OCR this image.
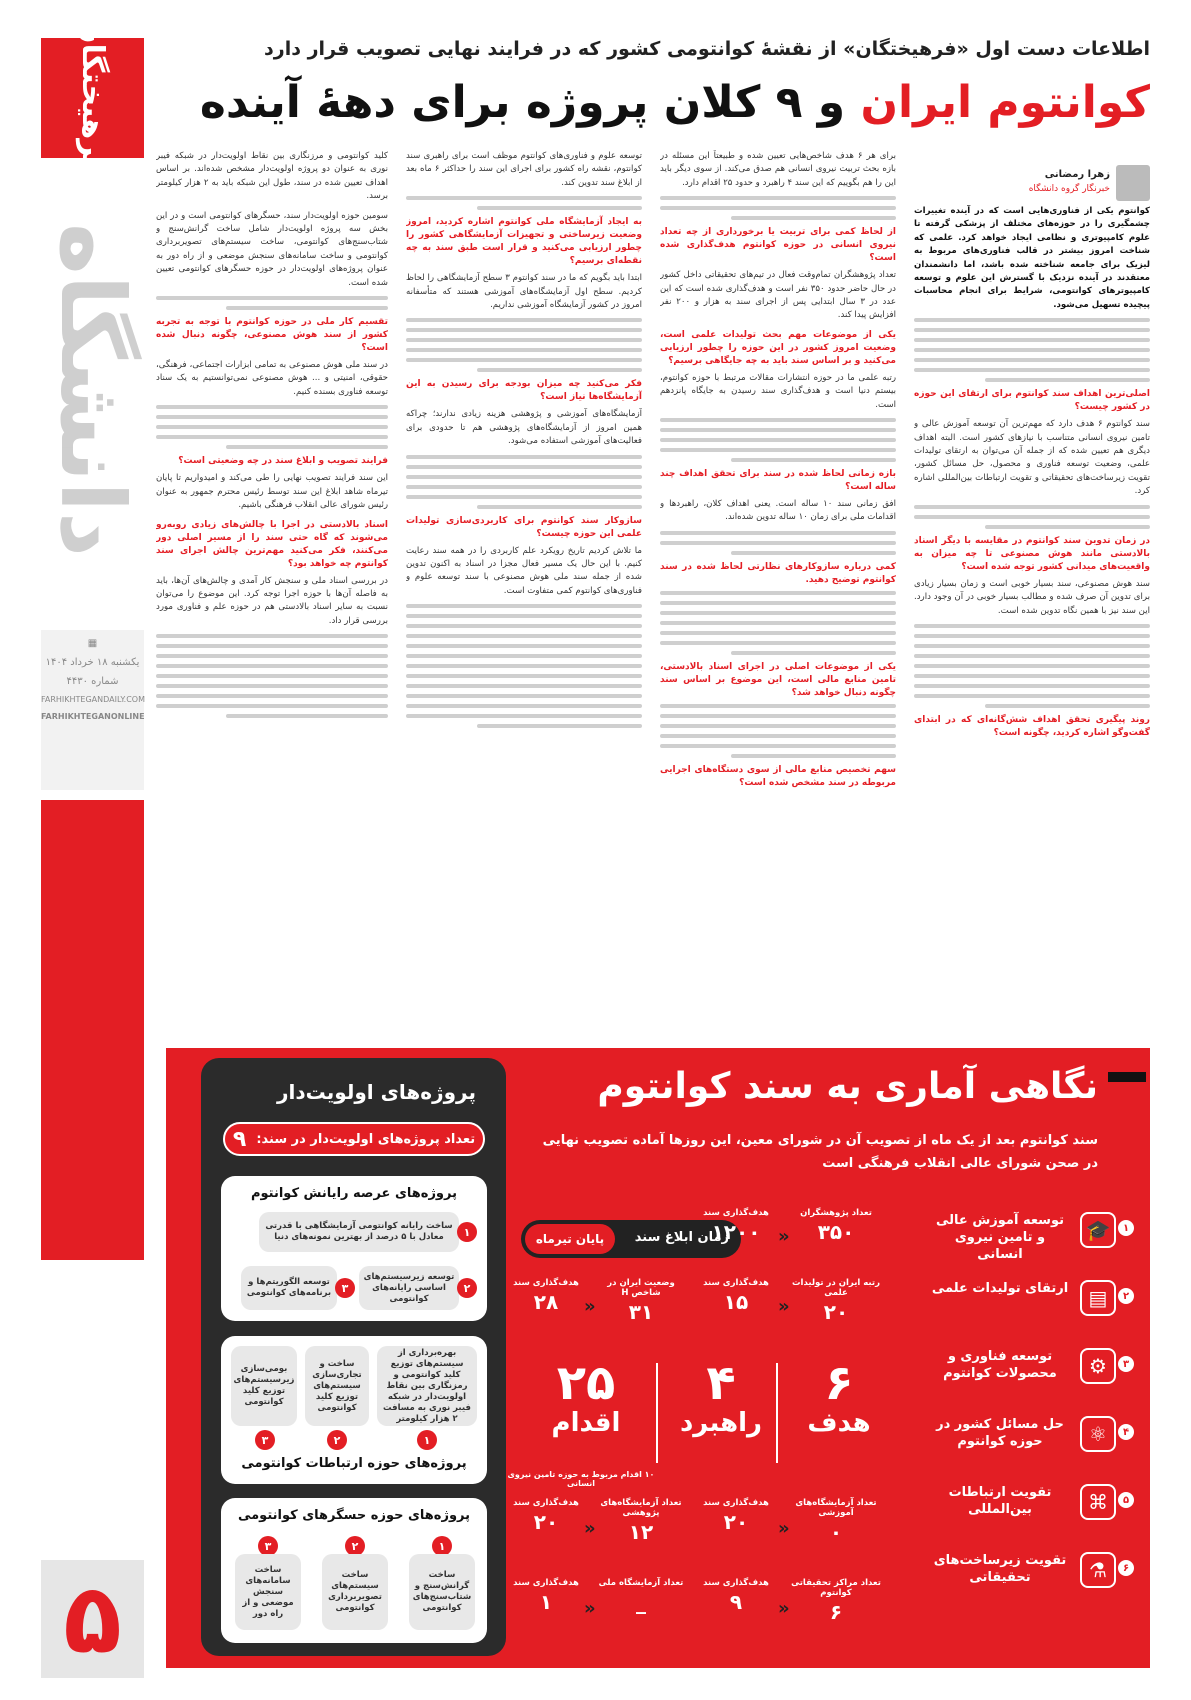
فرهیختگان
دانشگاه
▦
یکشنبه ۱۸ خرداد ۱۴۰۴
شماره ۴۴۳۰
FARHIKHTEGANDAILY.COM
FARHIKHTEGANONLINE
۵
اطلاعات دست اول «فرهیختگان» از نقشهٔ کوانتومی کشور که در فرایند نهایی تصویب قرار دارد
کوانتوم ایران و ۹ کلان پروژه برای دههٔ آینده
زهرا رمضانی
خبرنگار گروه دانشگاه

کوانتوم یکی از فناوری‌هایی است که در آینده تغییرات چشمگیری را در حوزه‌های مختلف از پزشکی گرفته تا علوم کامپیوتری و نظامی ایجاد خواهد کرد. علمی که شناخت امروز بیشتر در قالب فناوری‌های مربوط به لیزیک برای جامعه شناخته شده باشد، اما دانشمندان معتقدند در آینده نزدیک با گسترش این علوم و توسعه کامپیوترهای کوانتومی، شرایط برای انجام محاسبات پیچیده تسهیل می‌شود.

اصلی‌ترین اهداف سند کوانتوم برای ارتقای این حوزه در کشور چیست؟

سند کوانتوم ۶ هدف دارد که مهم‌ترین آن توسعه آموزش عالی و تامین نیروی انسانی متناسب با نیازهای کشور است. البته اهداف دیگری هم تعیین شده که از جمله آن می‌توان به ارتقای تولیدات علمی، وضعیت توسعه فناوری و محصول، حل مسائل کشور، تقویت زیرساخت‌های تحقیقاتی و تقویت ارتباطات بین‌المللی اشاره کرد.

در زمان تدوین سند کوانتوم در مقایسه با دیگر اسناد بالادستی مانند هوش مصنوعی تا چه میزان به واقعیت‌های میدانی کشور توجه شده است؟

سند هوش مصنوعی، سند بسیار خوبی است و زمان بسیار زیادی برای تدوین آن صرف شده و مطالب بسیار خوبی در آن وجود دارد. این سند نیز با همین نگاه تدوین شده است.

روند پیگیری تحقق اهداف شش‌گانه‌ای که در ابتدای گفت‌وگو اشاره کردید، چگونه است؟

برای هر ۶ هدف شاخص‌هایی تعیین شده و طبیعتاً این مسئله در بازه بحث تربیت نیروی انسانی هم صدق می‌کند. از سوی دیگر باید این را هم بگوییم که این سند ۴ راهبرد و حدود ۲۵ اقدام دارد.

از لحاظ کمی برای تربیت یا برخورداری از چه تعداد نیروی انسانی در حوزه کوانتوم هدف‌گذاری شده است؟

تعداد پژوهشگران تمام‌وقت فعال در تیم‌های تحقیقاتی داخل کشور در حال حاضر حدود ۳۵۰ نفر است و هدف‌گذاری شده است که این عدد در ۳ سال ابتدایی پس از اجرای سند به هزار و ۲۰۰ نفر افزایش پیدا کند.

یکی از موضوعات مهم بحث تولیدات علمی است، وضعیت امروز کشور در این حوزه را چطور ارزیابی می‌کنید و بر اساس سند باید به چه جایگاهی برسیم؟

رتبه علمی ما در حوزه انتشارات مقالات مرتبط با حوزه کوانتوم، بیستم دنیا است و هدف‌گذاری سند رسیدن به جایگاه پانزدهم است.

بازه زمانی لحاظ شده در سند برای تحقق اهداف چند ساله است؟

افق زمانی سند ۱۰ ساله است. یعنی اهداف کلان، راهبردها و اقدامات ملی برای زمان ۱۰ ساله تدوین شده‌اند.

کمی درباره سازوکارهای نظارتی لحاظ شده در سند کوانتوم توضیح دهید.
یکی از موضوعات اصلی در اجرای اسناد بالادستی، تامین منابع مالی است، این موضوع بر اساس سند چگونه دنبال خواهد شد؟
سهم تخصیص منابع مالی از سوی دستگاه‌های اجرایی مربوطه در سند مشخص شده است؟

توسعه علوم و فناوری‌های کوانتوم موظف است برای راهبری سند کوانتوم، نقشه راه کشور برای اجرای این سند را حداکثر ۶ ماه بعد از ابلاغ سند تدوین کند.

به ایجاد آزمایشگاه ملی کوانتوم اشاره کردید، امروز وضعیت زیرساختی و تجهیزات آزمایشگاهی کشور را چطور ارزیابی می‌کنید و قرار است طبق سند به چه نقطه‌ای برسیم؟

ابتدا باید بگویم که ما در سند کوانتوم ۳ سطح آزمایشگاهی را لحاظ کردیم. سطح اول آزمایشگاه‌های آموزشی هستند که متأسفانه امروز در کشور آزمایشگاه آموزشی نداریم.

فکر می‌کنید چه میزان بودجه برای رسیدن به این آزمایشگاه‌ها نیاز است؟

آزمایشگاه‌های آموزشی و پژوهشی هزینه زیادی ندارند؛ چراکه همین امروز از آزمایشگاه‌های پژوهشی هم تا حدودی برای فعالیت‌های آموزشی استفاده می‌شود.

سازوکار سند کوانتوم برای کاربردی‌سازی تولیدات علمی این حوزه چیست؟

ما تلاش کردیم تاریخ رویکرد علم کاربردی را در همه سند رعایت کنیم. با این حال یک مسیر فعال مجزا در اسناد به اکنون تدوین شده از جمله سند ملی هوش مصنوعی با سند توسعه علوم و فناوری‌های کوانتوم کمی متفاوت است.

کلید کوانتومی و مرزنگاری بین نقاط اولویت‌دار در شبکه فیبر نوری به عنوان دو پروژه اولویت‌دار مشخص شده‌اند. بر اساس اهداف تعیین شده در سند، طول این شبکه باید به ۲ هزار کیلومتر برسد.

سومین حوزه اولویت‌دار سند، حسگرهای کوانتومی است و در این بخش سه پروژه اولویت‌دار شامل ساخت گرانش‌سنج و شتاب‌سنج‌های کوانتومی، ساخت سیستم‌های تصویربرداری کوانتومی و ساخت سامانه‌های سنجش موضعی و از راه دور به عنوان پروژه‌های اولویت‌دار در حوزه حسگرهای کوانتومی تعیین شده است.

تقسیم کار ملی در حوزه کوانتوم با توجه به تجربه کشور از سند هوش مصنوعی، چگونه دنبال شده است؟

در سند ملی هوش مصنوعی به تمامی ابزارات اجتماعی، فرهنگی، حقوقی، امنیتی و ... هوش مصنوعی نمی‌توانستیم به یک سناد توسعه فناوری بسنده کنیم.

فرایند تصویب و ابلاغ سند در چه وضعیتی است؟

این سند فرایند تصویب نهایی را طی می‌کند و امیدواریم تا پایان تیرماه شاهد ابلاغ این سند توسط رئیس محترم جمهور به عنوان رئیس شورای عالی انقلاب فرهنگی باشیم.

اسناد بالادستی در اجرا با چالش‌های زیادی روبه‌رو می‌شوند که گاه حتی سند را از مسیر اصلی دور می‌کنند، فکر می‌کنید مهم‌ترین چالش اجرای سند کوانتوم چه خواهد بود؟

در بررسی اسناد ملی و سنجش کار آمدی و چالش‌های آن‌ها، باید به فاصله آن‌ها با حوزه اجرا توجه کرد. این موضوع را می‌توان نسبت به سایر اسناد بالادستی هم در حوزه علم و فناوری مورد بررسی قرار داد.

نگاهی آماری به سند کوانتوم
سند کوانتوم بعد از یک ماه از تصویب آن در شورای معین، این روزها آماده تصویب نهایی
در صحن شورای عالی انقلاب فرهنگی است
پروژه‌های اولویت‌دار
تعداد پروژه‌های اولویت‌دار در سند:
۹
پروژه‌های عرصه رایانش کوانتوم
ساخت رایانه کوانتومی آزمایشگاهی با قدرتی معادل با ۵ درصد از بهترین نمونه‌های دنیا	۱
توسعه زیرسیستم‌های اساسی رایانه‌های کوانتومی
۲
توسعه الگوریتم‌ها و برنامه‌های کوانتومی ۳
بهره‌برداری از سیستم‌های توزیع کلید کوانتومی و رمزنگاری بین نقاط اولویت‌دار در شبکه فیبر نوری به مسافت ۲ هزار کیلومتر
۱
ساخت و تجاری‌سازی سیستم‌های توزیع کلید کوانتومی
۲
بومی‌سازی زیرسیستم‌های توزیع کلید کوانتومی
۳
پروژه‌های حوزه ارتباطات کوانتومی
پروژه‌های حوزه حسگرهای کوانتومی
۱
ساخت گرانش‌سنج و شتاب‌سنج‌های کوانتومی
۲
ساخت سیستم‌های تصویربرداری کوانتومی
۳
ساخت سامانه‌های سنجش موضعی و از راه دور
۱
🎓
توسعه آموزش عالی و تامین نیروی انسانی
۲
▤
ارتقای تولیدات علمی
۳
⚙
توسعه فناوری و محصولات کوانتوم
۴
⚛
حل مسائل کشور در حوزه کوانتوم
۵
⌘
تقویت ارتباطات بین‌المللی
۶
⚗
تقویت زیرساخت‌های تحقیقاتی
زمان ابلاغ سند
پایان تیرماه
تعداد پژوهشگران
۳۵۰
«
هدف‌گذاری سند
۱۲۰۰
رتبه ایران در تولیدات علمی
۲۰
«
هدف‌گذاری سند
۱۵
وضعیت ایران در شاخص H
۳۱
«
هدف‌گذاری سند
۲۸
۶
هدف
۴
راهبرد
۲۵
اقدام
۱۰ اقدام مربوط به حوزه تامین نیروی انسانی
تعداد آزمایشگاه‌های آموزشی
۰
«
هدف‌گذاری سند
۲۰
تعداد آزمایشگاه‌های پژوهشی
۱۲
«
هدف‌گذاری سند
۲۰
تعداد مراکز تحقیقاتی کوانتوم
۶
«
هدف‌گذاری سند
۹
تعداد آزمایشگاه ملی
_
«
هدف‌گذاری سند
۱
